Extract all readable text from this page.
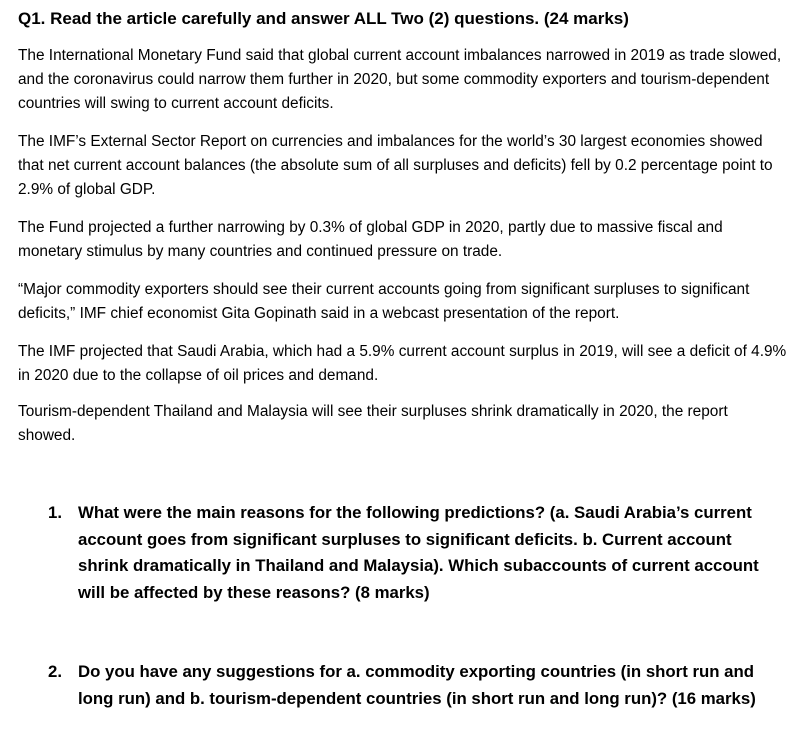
Q1. Read the article carefully and answer ALL Two (2) questions. (24 marks)

The International Monetary Fund said that global current account imbalances narrowed in 2019 as trade slowed, and the coronavirus could narrow them further in 2020, but some commodity exporters and tourism-dependent countries will swing to current account deficits.

The IMF’s External Sector Report on currencies and imbalances for the world’s 30 largest economies showed that net current account balances (the absolute sum of all surpluses and deficits) fell by 0.2 percentage point to 2.9% of global GDP.

The Fund projected a further narrowing by 0.3% of global GDP in 2020, partly due to massive fiscal and monetary stimulus by many countries and continued pressure on trade.

“Major commodity exporters should see their current accounts going from significant surpluses to significant deficits,” IMF chief economist Gita Gopinath said in a webcast presentation of the report.

The IMF projected that Saudi Arabia, which had a 5.9% current account surplus in 2019, will see a deficit of 4.9% in 2020 due to the collapse of oil prices and demand.

Tourism-dependent Thailand and Malaysia will see their surpluses shrink dramatically in 2020, the report showed.

1. What were the main reasons for the following predictions? (a. Saudi Arabia’s current account goes from significant surpluses to significant deficits. b. Current account shrink dramatically in Thailand and Malaysia). Which subaccounts of current account will be affected by these reasons? (8 marks)
2. Do you have any suggestions for a. commodity exporting countries (in short run and long run) and b. tourism-dependent countries (in short run and long run)? (16 marks)
